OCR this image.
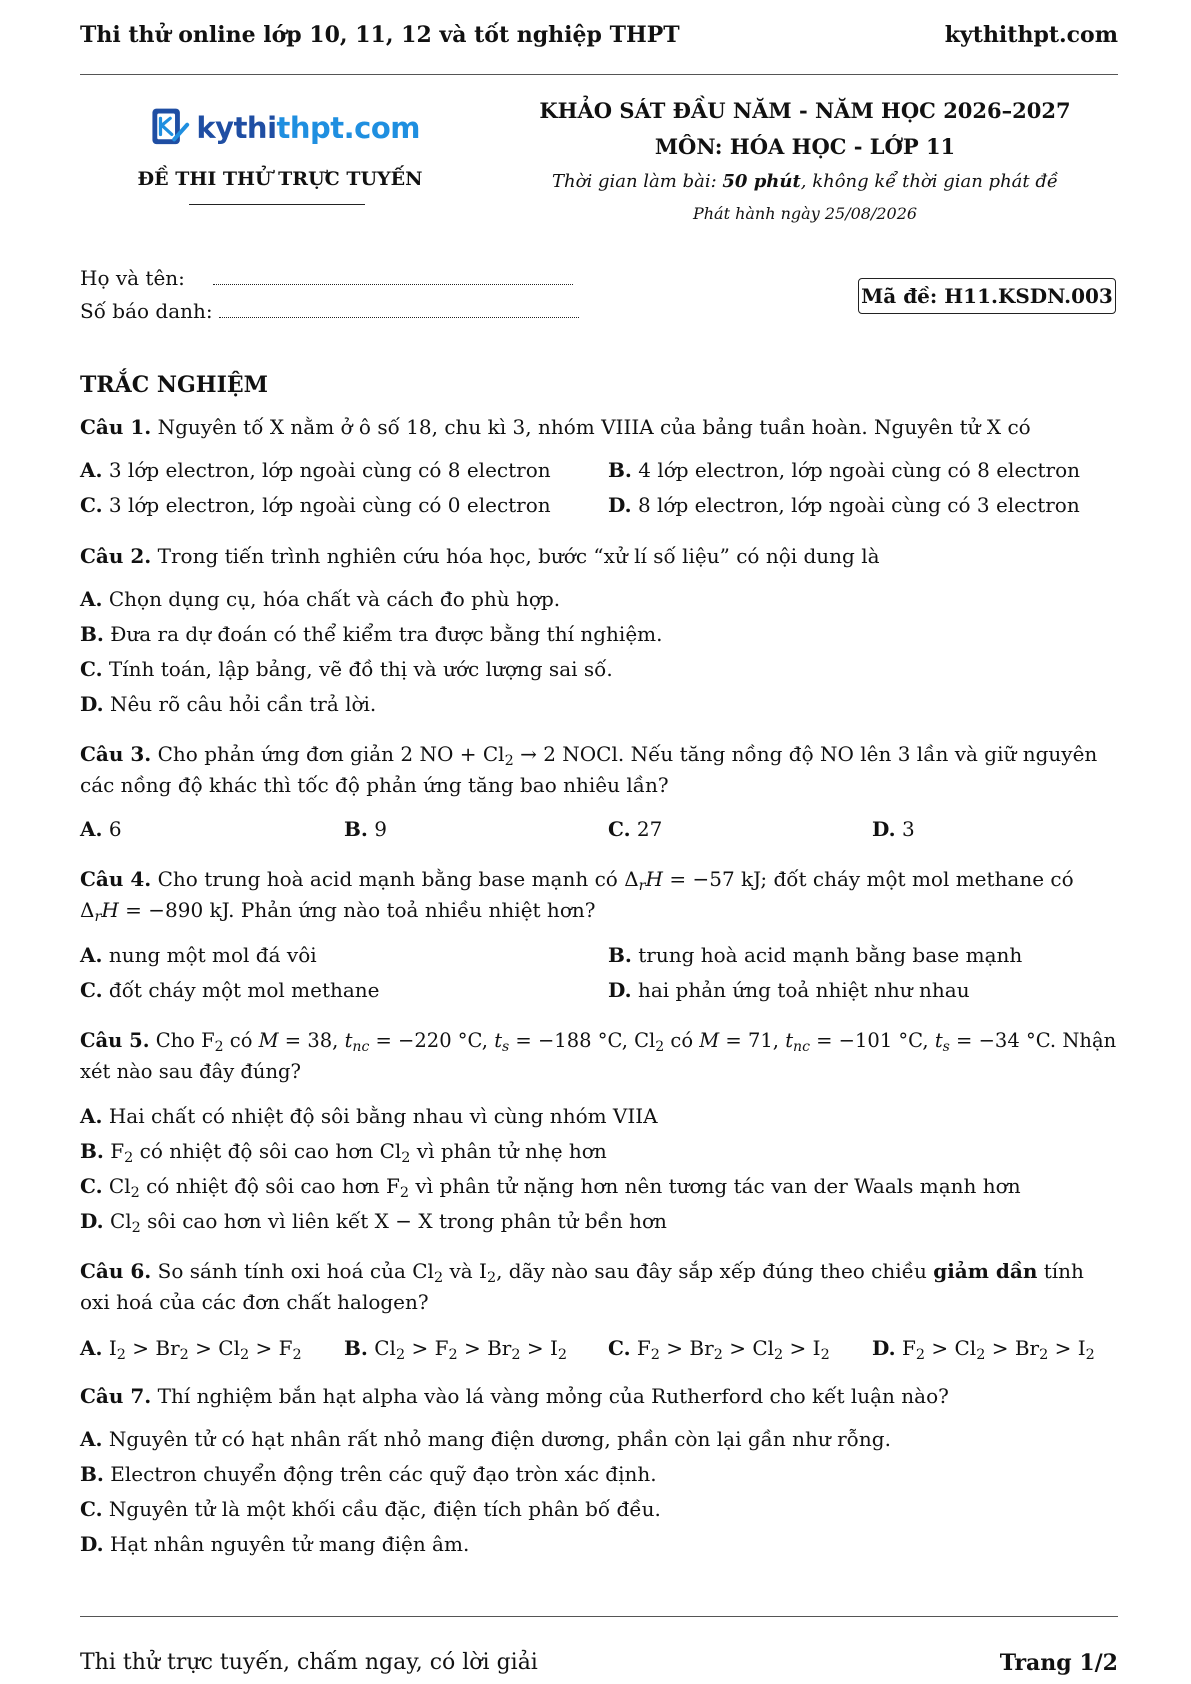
Thi thử online lớp 10, 11, 12 và tốt nghiệp THPT	kythithpt.com
kythithpt.com
ĐỀ THI THỬ TRỰC TUYẾN
KHẢO SÁT ĐẦU NĂM - NĂM HỌC 2026–2027
MÔN: HÓA HỌC - LỚP 11
Thời gian làm bài: 50 phút, không kể thời gian phát đề
Phát hành ngày 25/08/2026
Họ và tên:
Số báo danh:
Mã đề: H11.KSDN.003
TRẮC NGHIỆM
Câu 1. Nguyên tố X nằm ở ô số 18, chu kì 3, nhóm VIIIA của bảng tuần hoàn. Nguyên tử X có
A. 3 lớp electron, lớp ngoài cùng có 8 electron	B. 4 lớp electron, lớp ngoài cùng có 8 electron
C. 3 lớp electron, lớp ngoài cùng có 0 electron	D. 8 lớp electron, lớp ngoài cùng có 3 electron
Câu 2. Trong tiến trình nghiên cứu hóa học, bước “xử lí số liệu” có nội dung là
A. Chọn dụng cụ, hóa chất và cách đo phù hợp.
B. Đưa ra dự đoán có thể kiểm tra được bằng thí nghiệm.
C. Tính toán, lập bảng, vẽ đồ thị và ước lượng sai số.
D. Nêu rõ câu hỏi cần trả lời.
Câu 3. Cho phản ứng đơn giản 2 NO + $Cl_2 \to 2$ NOCl. Nếu tăng nồng độ NO lên 3 lần và giữ nguyên các nồng độ khác thì tốc độ phản ứng tăng bao nhiêu lần?
A. 6	B. 9	C. 27	D. 3
Câu 4. Cho trung hoà acid mạnh bằng base mạnh có $\Delta_rH = -57$ kJ; đốt cháy một mol methane có $\Delta_rH = -890$ kJ. Phản ứng nào toả nhiều nhiệt hơn?
A. nung một mol đá vôi	B. trung hoà acid mạnh bằng base mạnh
C. đốt cháy một mol methane	D. hai phản ứng toả nhiệt như nhau
Câu 5. Cho $F_2$ có M = 38, $t_{nc} = -220$ °C, $t_s = -188$ °C, $Cl_2$ có M = 71, $t_{nc} = -101$ °C, $t_s = -34$ °C. Nhận xét nào sau đây đúng?
A. Hai chất có nhiệt độ sôi bằng nhau vì cùng nhóm VIIA
B. $F_2$ có nhiệt độ sôi cao hơn $Cl_2$ vì phân tử nhẹ hơn
C. $Cl_2$ có nhiệt độ sôi cao hơn $F_2$ vì phân tử nặng hơn nên tương tác van der Waals mạnh hơn
D. $Cl_2$ sôi cao hơn vì liên kết X − X trong phân tử bền hơn
Câu 6. So sánh tính oxi hoá của $Cl_2$ và $I_2$, dãy nào sau đây sắp xếp đúng theo chiều giảm dần tính oxi hoá của các đơn chất halogen?
A. $I_2 > Br_2 > Cl_2 > F_2$ B. $Cl_2 > F_2 > Br_2 > I_2$ C. $F_2 > Br_2 > Cl_2 > I_2$ D. $F_2 > Cl_2 > Br_2 > I_2$
Câu 7. Thí nghiệm bắn hạt alpha vào lá vàng mỏng của Rutherford cho kết luận nào?
A. Nguyên tử có hạt nhân rất nhỏ mang điện dương, phần còn lại gần như rỗng.
B. Electron chuyển động trên các quỹ đạo tròn xác định.
C. Nguyên tử là một khối cầu đặc, điện tích phân bố đều.
D. Hạt nhân nguyên tử mang điện âm.
Thi thử trực tuyến, chấm ngay, có lời giải	Trang 1/2
